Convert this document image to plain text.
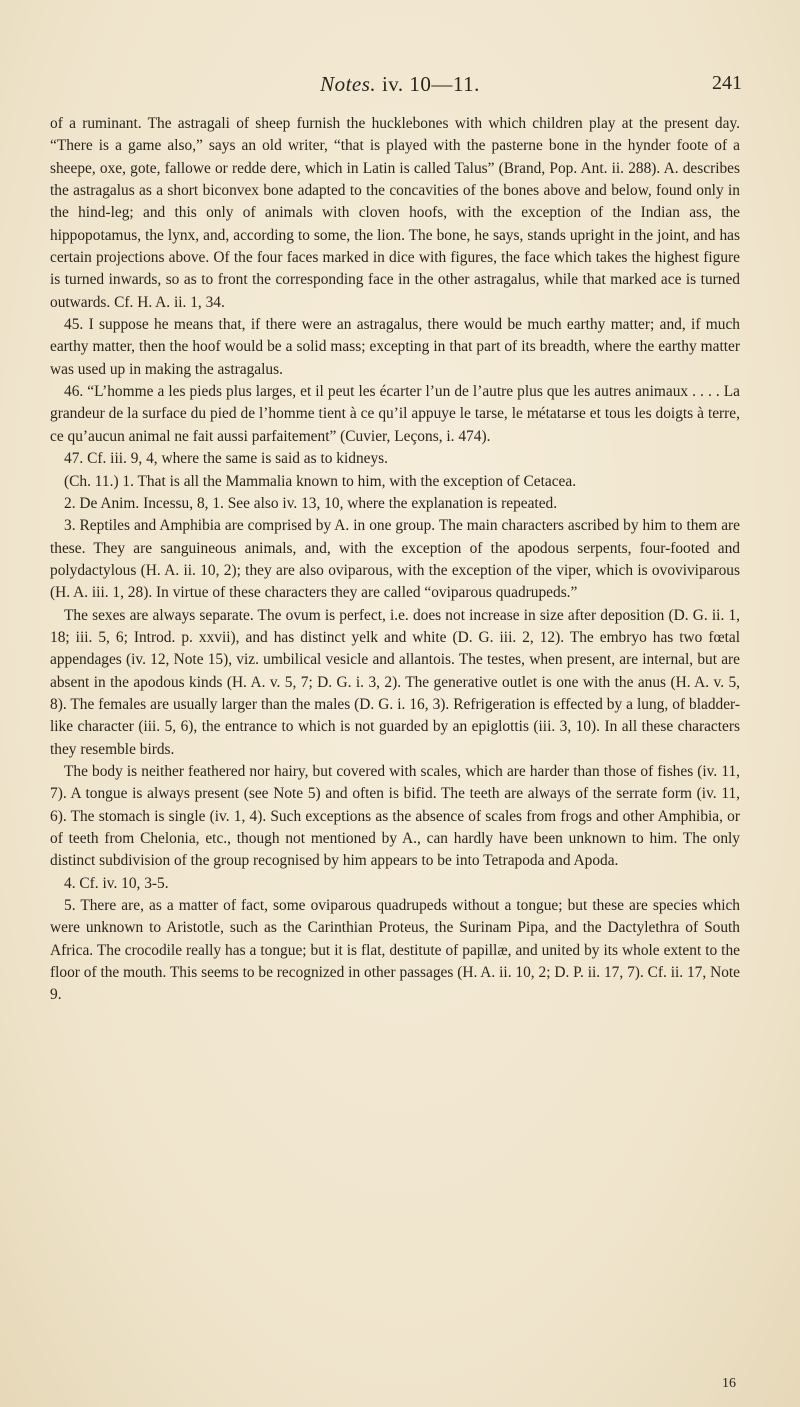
Notes. iv. 10—11.	241

of a ruminant. The astragali of sheep furnish the hucklebones with which children play at the present day. “There is a game also,” says an old writer, “that is played with the pasterne bone in the hynder foote of a sheepe, oxe, gote, fallowe or redde dere, which in Latin is called Talus” (Brand, Pop. Ant. ii. 288). A. describes the astragalus as a short biconvex bone adapted to the concavities of the bones above and below, found only in the hind-leg; and this only of animals with cloven hoofs, with the exception of the Indian ass, the hippopotamus, the lynx, and, according to some, the lion. The bone, he says, stands upright in the joint, and has certain projections above. Of the four faces marked in dice with figures, the face which takes the highest figure is turned inwards, so as to front the corresponding face in the other astragalus, while that marked ace is turned outwards. Cf. H. A. ii. 1, 34.

45. I suppose he means that, if there were an astragalus, there would be much earthy matter; and, if much earthy matter, then the hoof would be a solid mass; excepting in that part of its breadth, where the earthy matter was used up in making the astragalus.

46. “L’homme a les pieds plus larges, et il peut les écarter l’un de l’autre plus que les autres animaux . . . . La grandeur de la surface du pied de l’homme tient à ce qu’il appuye le tarse, le métatarse et tous les doigts à terre, ce qu’aucun animal ne fait aussi parfaitement” (Cuvier, Leçons, i. 474).

47. Cf. iii. 9, 4, where the same is said as to kidneys.

(Ch. 11.) 1. That is all the Mammalia known to him, with the exception of Cetacea.

2. De Anim. Incessu, 8, 1. See also iv. 13, 10, where the explanation is repeated.

3. Reptiles and Amphibia are comprised by A. in one group. The main characters ascribed by him to them are these. They are sanguineous animals, and, with the exception of the apodous serpents, four-footed and polydactylous (H. A. ii. 10, 2); they are also oviparous, with the exception of the viper, which is ovoviviparous (H. A. iii. 1, 28). In virtue of these characters they are called “oviparous quadrupeds.”

The sexes are always separate. The ovum is perfect, i.e. does not increase in size after deposition (D. G. ii. 1, 18; iii. 5, 6; Introd. p. xxvii), and has distinct yelk and white (D. G. iii. 2, 12). The embryo has two fœtal appendages (iv. 12, Note 15), viz. umbilical vesicle and allantois. The testes, when present, are internal, but are absent in the apodous kinds (H. A. v. 5, 7; D. G. i. 3, 2). The generative outlet is one with the anus (H. A. v. 5, 8). The females are usually larger than the males (D. G. i. 16, 3). Refrigeration is effected by a lung, of bladder-like character (iii. 5, 6), the entrance to which is not guarded by an epiglottis (iii. 3, 10). In all these characters they resemble birds.

The body is neither feathered nor hairy, but covered with scales, which are harder than those of fishes (iv. 11, 7). A tongue is always present (see Note 5) and often is bifid. The teeth are always of the serrate form (iv. 11, 6). The stomach is single (iv. 1, 4). Such exceptions as the absence of scales from frogs and other Amphibia, or of teeth from Chelonia, etc., though not mentioned by A., can hardly have been unknown to him. The only distinct subdivision of the group recognised by him appears to be into Tetrapoda and Apoda.

4. Cf. iv. 10, 3-5.

5. There are, as a matter of fact, some oviparous quadrupeds without a tongue; but these are species which were unknown to Aristotle, such as the Carinthian Proteus, the Surinam Pipa, and the Dactylethra of South Africa. The crocodile really has a tongue; but it is flat, destitute of papillæ, and united by its whole extent to the floor of the mouth. This seems to be recognized in other passages (H. A. ii. 10, 2; D. P. ii. 17, 7). Cf. ii. 17, Note 9.

16
